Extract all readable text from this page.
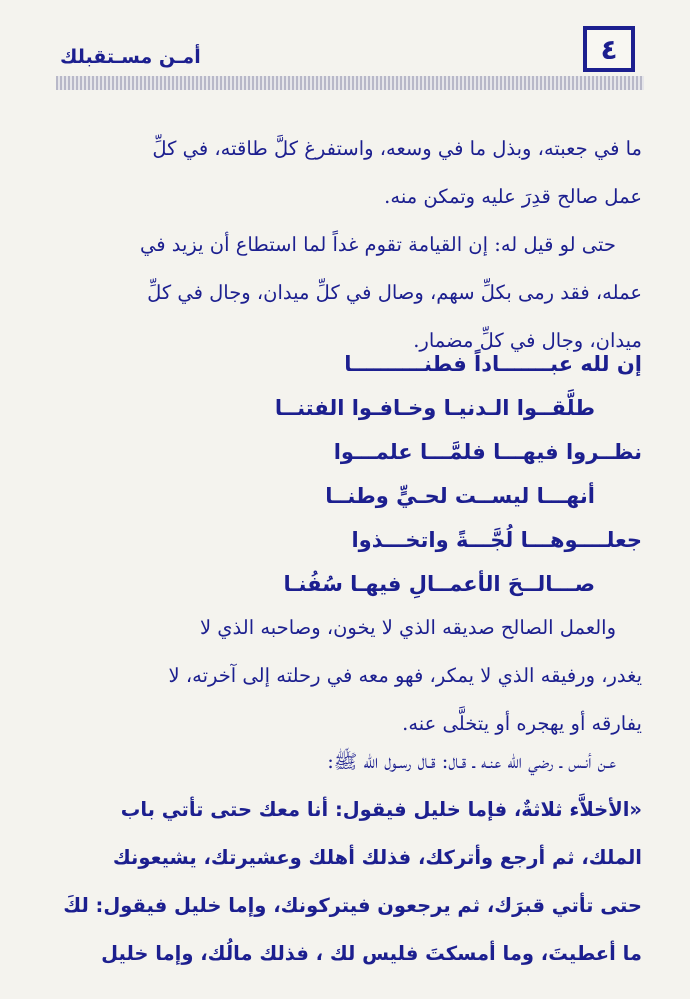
٤
أمـن مسـتقبلك

ما في جعبته، وبذل ما في وسعه، واستفرغ كلَّ طاقته، في كلِّ

عمل صالح قدِرَ عليه وتمكن منه.

حتى لو قيل له: إن القيامة تقوم غداً لما استطاع أن يزيد في

عمله، فقد رمى بكلِّ سهم، وصال في كلِّ ميدان، وجال في كلِّ

ميدان، وجال في كلِّ مضمار.

إن لله عبـــــــاداً فطنــــــــــا
طلَّقــوا الـدنيـا وخـافـوا الفتنــا
نظــروا فيهـــا فلمَّـــا علمـــوا
أنهـــا ليســت لحـيٍّ وطنــا
جعلــــوهـــا لُجَّـــةً واتخـــذوا
صـــالــحَ الأعمــالِ فيهـا سُفُنـا

والعمل الصالح صديقه الذي لا يخون، وصاحبه الذي لا

يغدر، ورفيقه الذي لا يمكر، فهو معه في رحلته إلى آخرته، لا

يفارقه أو يهجره أو يتخلَّى عنه.

عـن أنـس ـ رضي الله عنـه ـ قـال: قـال رسـول الله ﷺ:

«الأخلاَّء ثلاثةٌ، فإما خليل فيقول: أنا معك حتى تأتي باب

الملك، ثم أرجع وأتركك، فذلك أهلك وعشيرتك، يشيعونك

حتى تأتي قبرَك، ثم يرجعون فيتركونك، وإما خليل فيقول: لكَ

ما أعطيتَ، وما أمسكتَ فليس لك ، فذلك مالُك، وإما خليل
